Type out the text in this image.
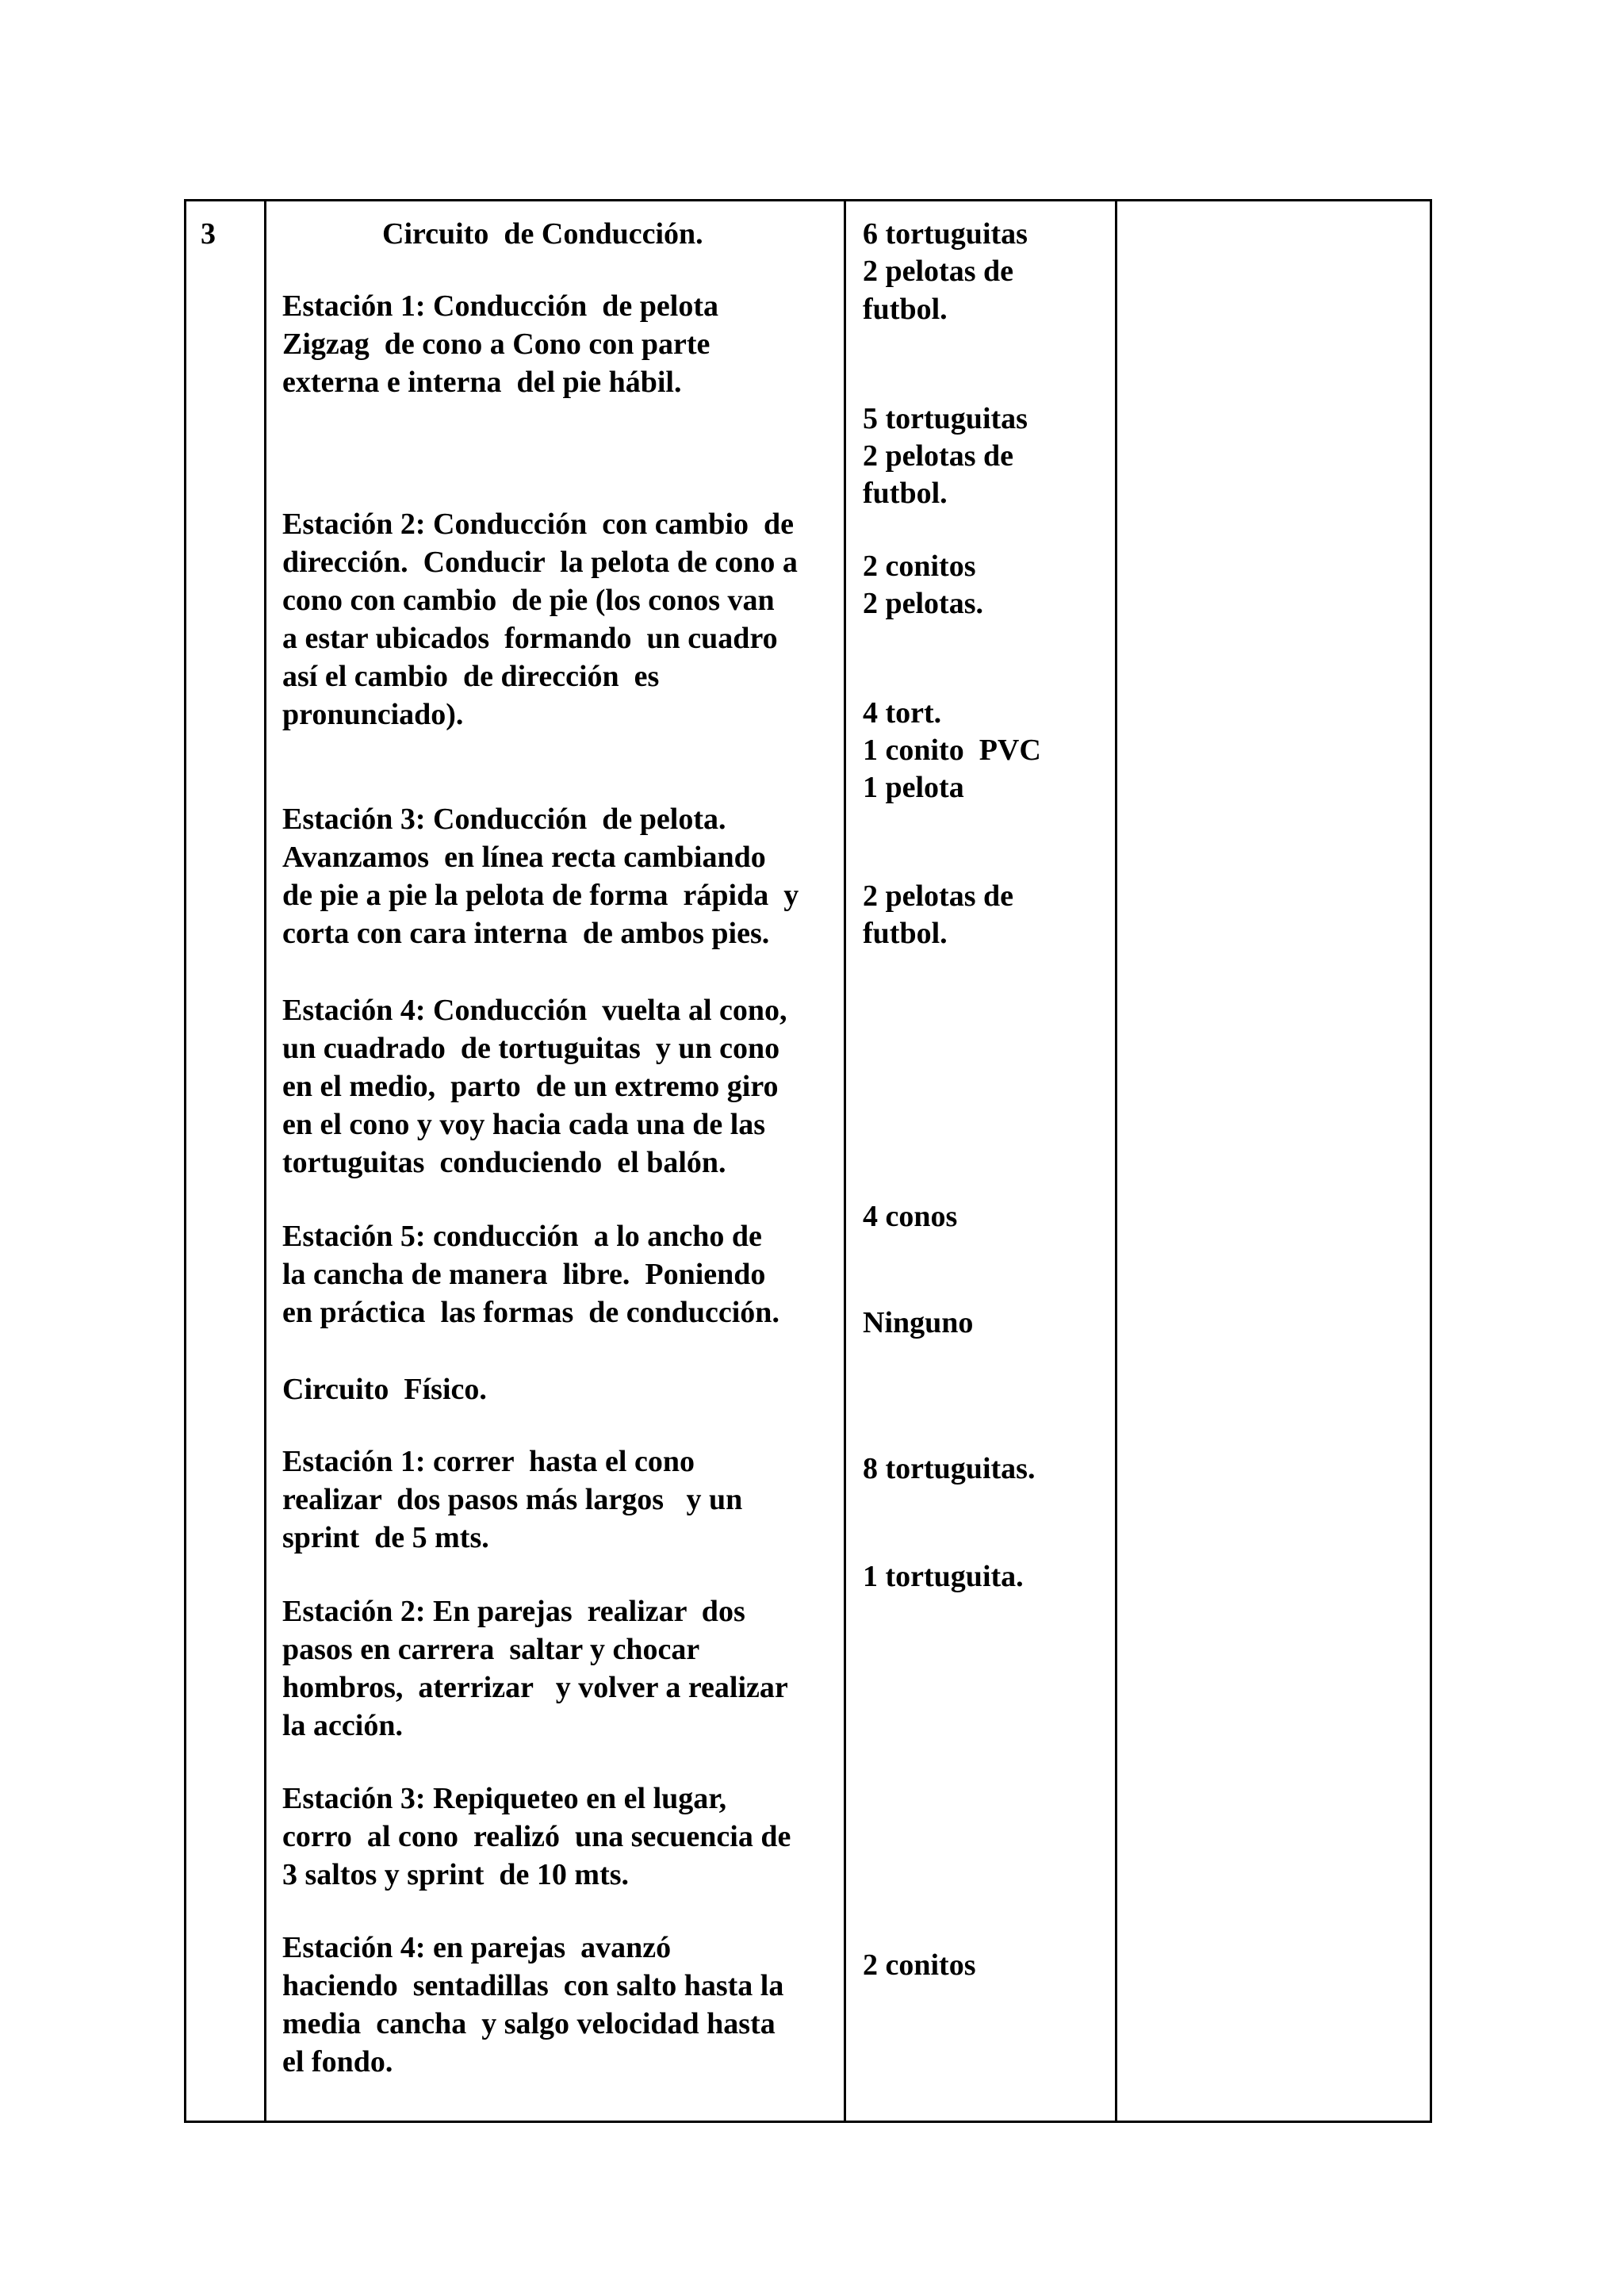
3	Circuito  de Conducción.

Estación 1: Conducción  de pelota
Zigzag  de cono a Cono con parte
externa e interna  del pie hábil.
Estación 2: Conducción  con cambio  de
dirección.  Conducir  la pelota de cono a
cono con cambio  de pie (los conos van
a estar ubicados  formando  un cuadro
así el cambio  de dirección  es
pronunciado).
Estación 3: Conducción  de pelota.
Avanzamos  en línea recta cambiando
de pie a pie la pelota de forma  rápida  y
corta con cara interna  de ambos pies.
Estación 4: Conducción  vuelta al cono,
un cuadrado  de tortuguitas  y un cono
en el medio,  parto  de un extremo giro
en el cono y voy hacia cada una de las
tortuguitas  conduciendo  el balón.
Estación 5: conducción  a lo ancho de
la cancha de manera  libre.  Poniendo
en práctica  las formas  de conducción.
Circuito  Físico.
Estación 1: correr  hasta el cono
realizar  dos pasos más largos   y un
sprint  de 5 mts.
Estación 2: En parejas  realizar  dos
pasos en carrera  saltar y chocar
hombros,  aterrizar   y volver a realizar
la acción.
Estación 3: Repiqueteo en el lugar,
corro  al cono  realizó  una secuencia de
3 saltos y sprint  de 10 mts.
Estación 4: en parejas  avanzó
haciendo  sentadillas  con salto hasta la
media  cancha  y salgo velocidad hasta
el fondo.

6 tortuguitas

2 pelotas de

futbol.

5 tortuguitas

2 pelotas de

futbol.

2 conitos

2 pelotas.

4 tort.

1 conito  PVC

1 pelota

2 pelotas de

futbol.

4 conos

Ninguno

8 tortuguitas.

1 tortuguita.

2 conitos
